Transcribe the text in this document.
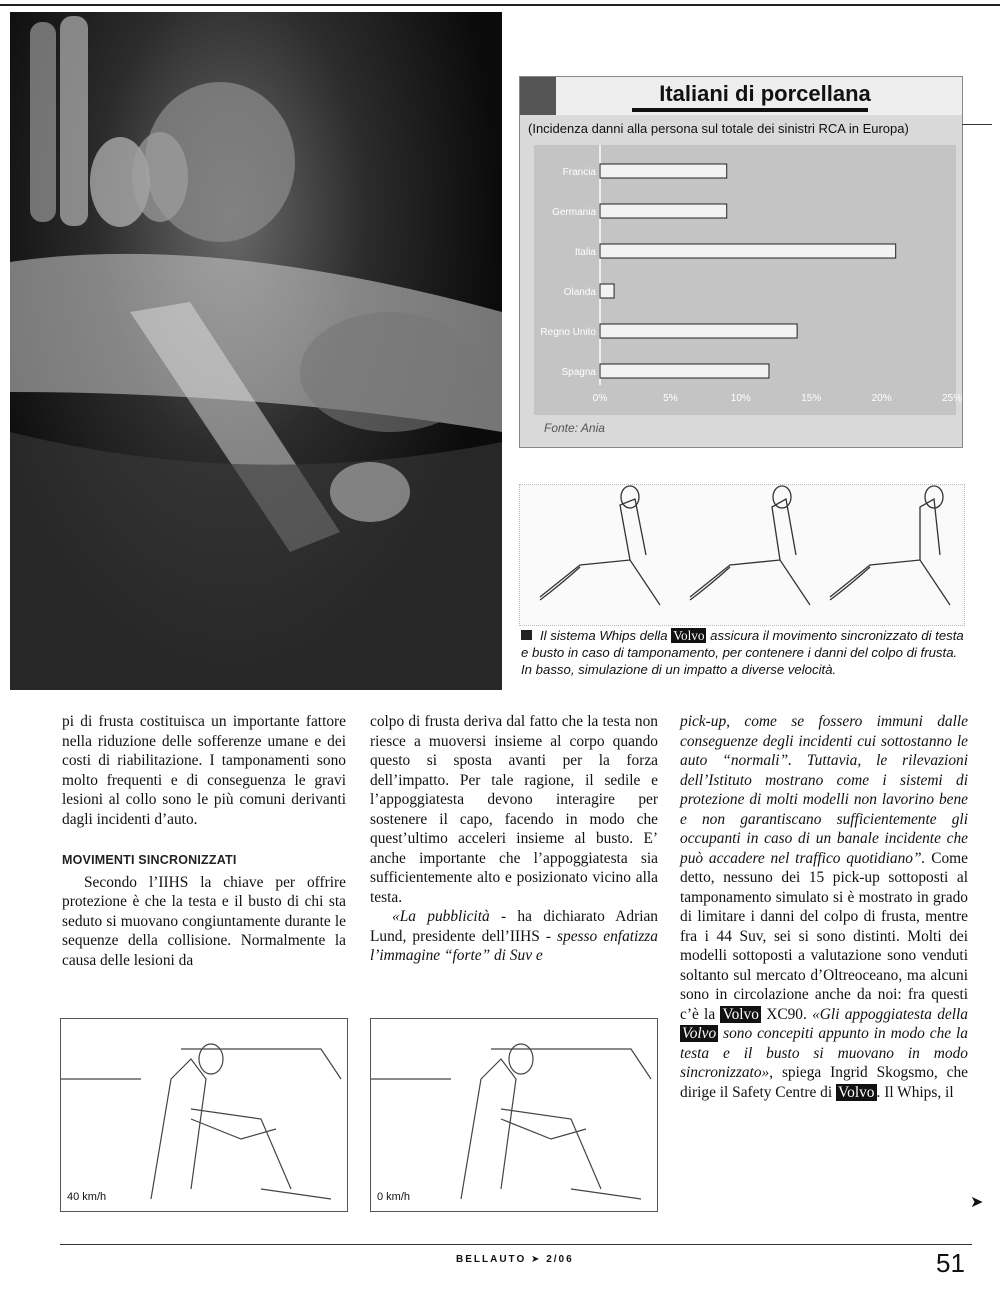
Italiani di porcellana
(Incidenza danni alla persona sul totale dei sinistri RCA in Europa)
Francia
Germania
Italia
Olanda
Regno Unito
Spagna
0%	5%	10%	15%	20%	25%
Fonte: Ania
Il sistema Whips della Volvo assicura il movimento sincronizzato di testa e busto in caso di tamponamento, per contenere i danni del colpo di frusta. In basso, simulazione di un impatto a diverse velocità.

pi di frusta costituisca un importante fattore nella riduzione delle sofferenze umane e dei costi di riabilitazione. I tamponamenti sono molto frequenti e di conseguenza le gravi lesioni al collo sono le più comuni derivanti dagli incidenti d’auto.

MOVIMENTI SINCRONIZZATI

Secondo l’IIHS la chiave per offrire protezione è che la testa e il busto di chi sta seduto si muovano congiuntamente durante le sequenze della collisione. Normalmente la causa delle lesioni da

colpo di frusta deriva dal fatto che la testa non riesce a muoversi insieme al corpo quando questo si sposta avanti per la forza dell’impatto. Per tale ragione, il sedile e l’appoggiatesta devono interagire per sostenere il capo, facendo in modo che quest’ultimo acceleri insieme al busto. E’ anche importante che l’appoggiatesta sia sufficientemente alto e posizionato vicino alla testa.

«La pubblicità - ha dichiarato Adrian Lund, presidente dell’IIHS - spesso enfatizza l’immagine “forte” di Suv e

pick-up, come se fossero immuni dalle conseguenze degli incidenti cui sottostanno le auto “normali”. Tuttavia, le rilevazioni dell’Istituto mostrano come i sistemi di protezione di molti modelli non lavorino bene e non garantiscano sufficientemente gli occupanti in caso di un banale incidente che può accadere nel traffico quotidiano”. Come detto, nessuno dei 15 pick-up sottoposti al tamponamento simulato si è mostrato in grado di limitare i danni del colpo di frusta, mentre fra i 44 Suv, sei si sono distinti. Molti dei modelli sottoposti a valutazione sono venduti soltanto sul mercato d’Oltreoceano, ma alcuni sono in circolazione anche da noi: fra questi c’è la Volvo XC90. «Gli appoggiatesta della Volvo sono concepiti appunto in modo che la testa e il busto si muovano in modo sincronizzato», spiega Ingrid Skogsmo, che dirige il Safety Centre di Volvo . Il Whips, il

40 km/h	0 km/h	➤
BELLAUTO ➤ 2/06	51
